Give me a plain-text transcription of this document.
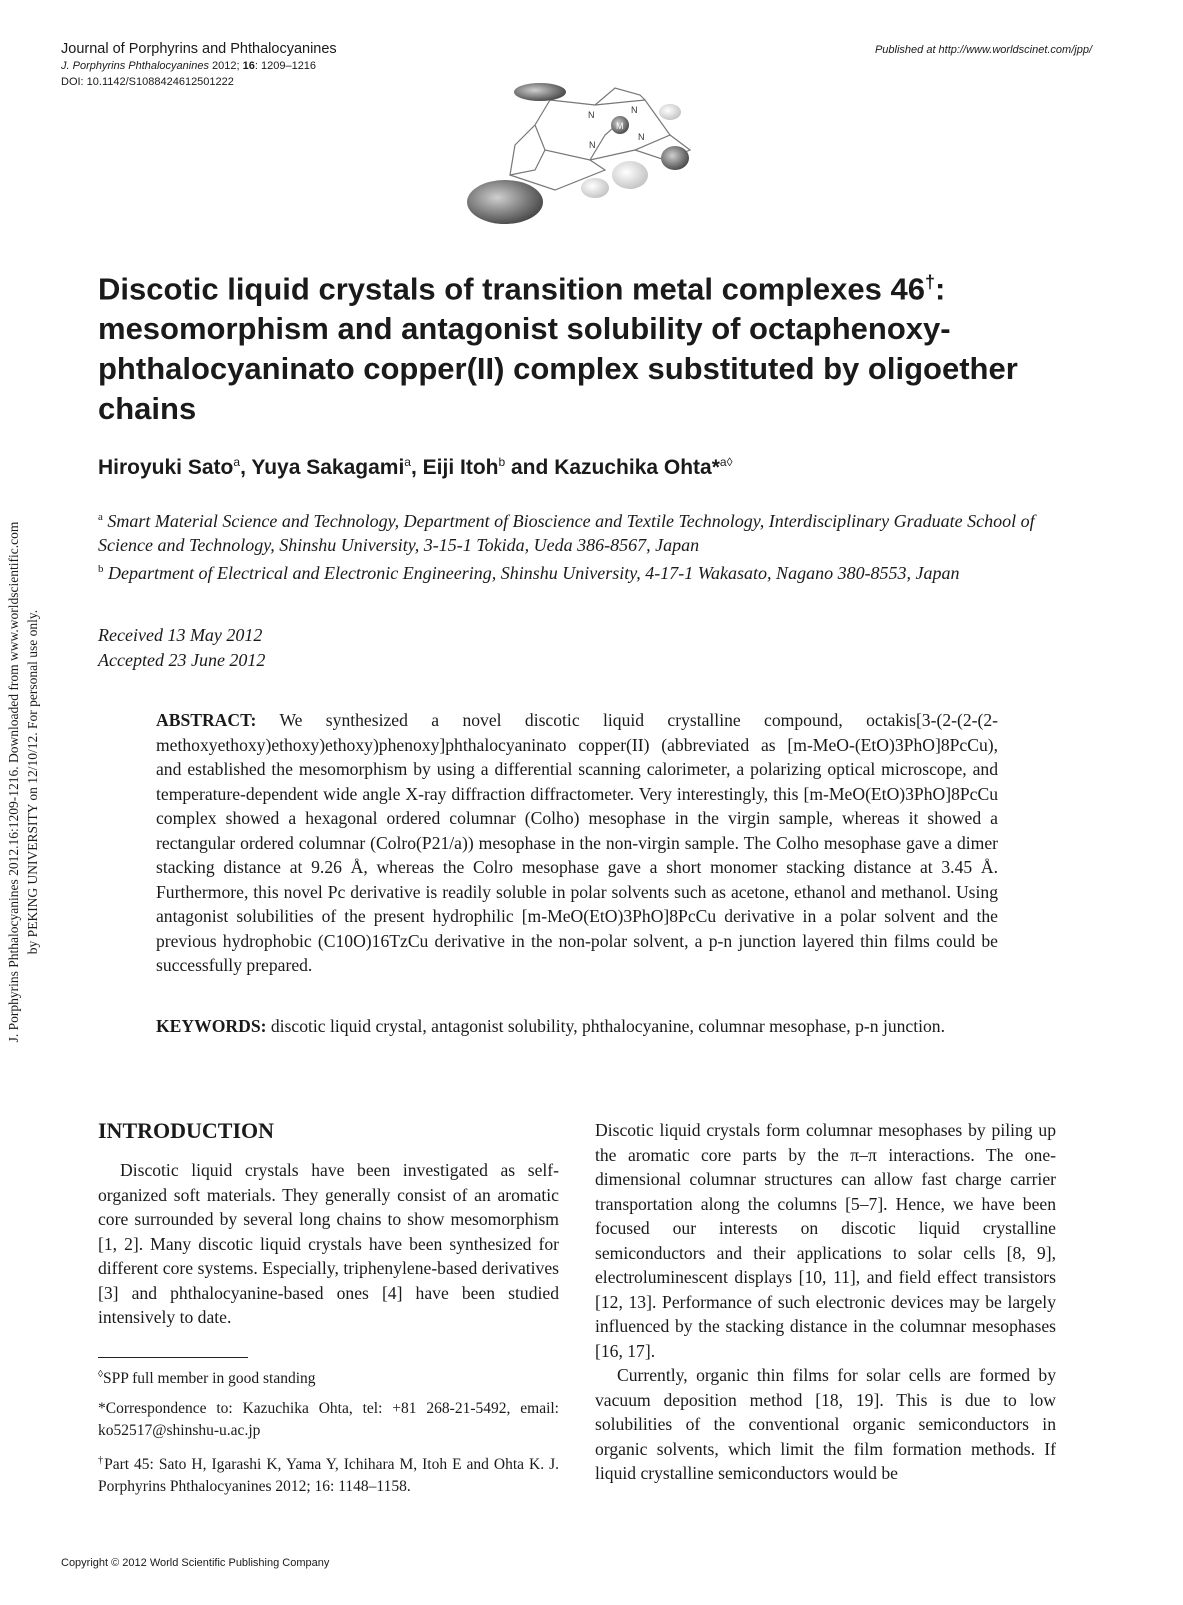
Journal of Porphyrins and Phthalocyanines
J. Porphyrins Phthalocyanines 2012; 16: 1209–1216
DOI: 10.1142/S1088424612501222
Published at http://www.worldscinet.com/jpp/
M
N	N
N
N
Discotic liquid crystals of transition metal complexes 46†: mesomorphism and antagonist solubility of octaphenoxy-phthalocyaninato copper(II) complex substituted by oligoether chains
Hiroyuki Sato$^a$, Yuya Sakagami$^a$, Eiji Itoh$^b$ and Kazuchika Ohta*$^{a◊}$
$^a$ Smart Material Science and Technology, Department of Bioscience and Textile Technology, Interdisciplinary Graduate School of Science and Technology, Shinshu University, 3-15-1 Tokida, Ueda 386-8567, Japan
$^b$ Department of Electrical and Electronic Engineering, Shinshu University, 4-17-1 Wakasato, Nagano 380-8553, Japan
Received 13 May 2012
Accepted 23 June 2012
ABSTRACT: We synthesized a novel discotic liquid crystalline compound, octakis[3-(2-(2-(2-methoxyethoxy)ethoxy)ethoxy)phenoxy]phthalocyaninato copper(II) (abbreviated as [m-MeO-(EtO)3PhO]8PcCu), and established the mesomorphism by using a differential scanning calorimeter, a polarizing optical microscope, and temperature-dependent wide angle X-ray diffraction diffractometer. Very interestingly, this [m-MeO(EtO)3PhO]8PcCu complex showed a hexagonal ordered columnar (Colho) mesophase in the virgin sample, whereas it showed a rectangular ordered columnar (Colro(P21/a)) mesophase in the non-virgin sample. The Colho mesophase gave a dimer stacking distance at 9.26 Å, whereas the Colro mesophase gave a short monomer stacking distance at 3.45 Å. Furthermore, this novel Pc derivative is readily soluble in polar solvents such as acetone, ethanol and methanol. Using antagonist solubilities of the present hydrophilic [m-MeO(EtO)3PhO]8PcCu derivative in a polar solvent and the previous hydrophobic (C10O)16TzCu derivative in the non-polar solvent, a p-n junction layered thin films could be successfully prepared.
KEYWORDS: discotic liquid crystal, antagonist solubility, phthalocyanine, columnar mesophase, p-n junction.
INTRODUCTION
Discotic liquid crystals have been investigated as self-organized soft materials. They generally consist of an aromatic core surrounded by several long chains to show mesomorphism [1, 2]. Many discotic liquid crystals have been synthesized for different core systems. Especially, triphenylene-based derivatives [3] and phthalocyanine-based ones [4] have been studied intensively to date.

◊SPP full member in good standing

*Correspondence to: Kazuchika Ohta, tel: +81 268-21-5492, email: ko52517@shinshu-u.ac.jp

†Part 45: Sato H, Igarashi K, Yama Y, Ichihara M, Itoh E and Ohta K. J. Porphyrins Phthalocyanines 2012; 16: 1148–1158.

Discotic liquid crystals form columnar mesophases by piling up the aromatic core parts by the π–π interactions. The one-dimensional columnar structures can allow fast charge carrier transportation along the columns [5–7]. Hence, we have been focused our interests on discotic liquid crystalline semiconductors and their applications to solar cells [8, 9], electroluminescent displays [10, 11], and field effect transistors [12, 13]. Performance of such electronic devices may be largely influenced by the stacking distance in the columnar mesophases [16, 17].

Currently, organic thin films for solar cells are formed by vacuum deposition method [18, 19]. This is due to low solubilities of the conventional organic semiconductors in organic solvents, which limit the film formation methods. If liquid crystalline semiconductors would be

Copyright © 2012 World Scientific Publishing Company
J. Porphyrins Phthalocyanines 2012.16:1209-1216. Downloaded from www.worldscientific.com by PEKING UNIVERSITY on 12/10/12. For personal use only.
